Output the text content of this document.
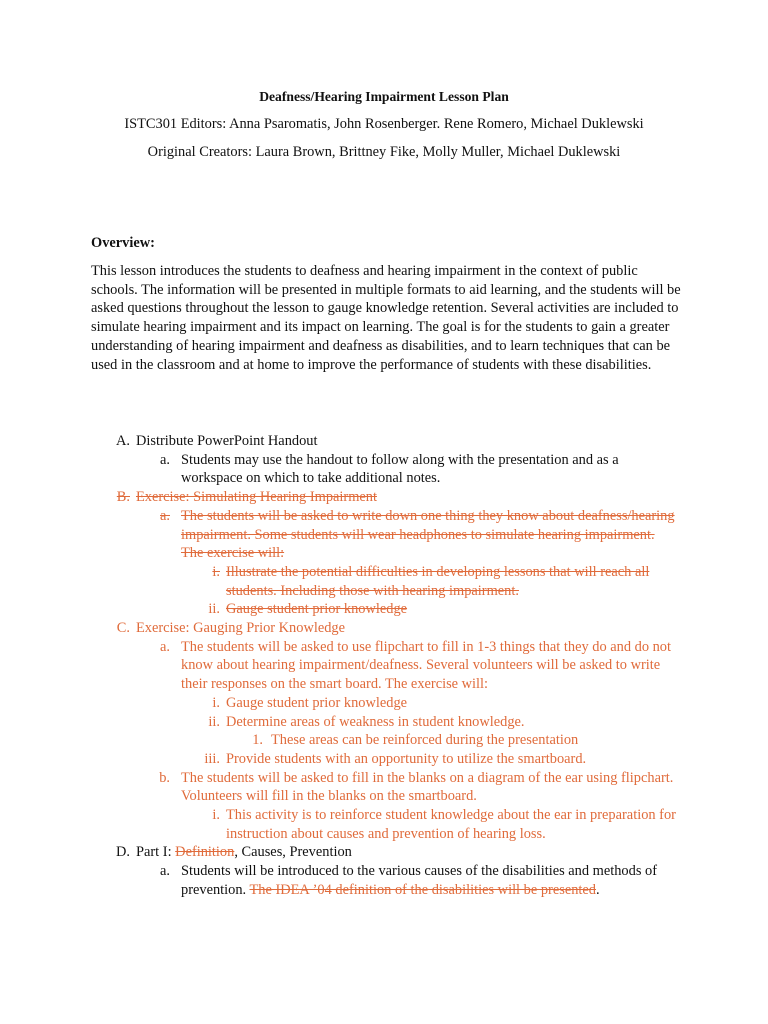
Deafness/Hearing Impairment Lesson Plan
ISTC301 Editors: Anna Psaromatis, John Rosenberger. Rene Romero, Michael Duklewski
Original Creators: Laura Brown, Brittney Fike, Molly Muller, Michael Duklewski
Overview:

This lesson introduces the students to deafness and hearing impairment in the context of public schools. The information will be presented in multiple formats to aid learning, and the students will be asked questions throughout the lesson to gauge knowledge retention. Several activities are included to simulate hearing impairment and its impact on learning. The goal is for the students to gain a greater understanding of hearing impairment and deafness as disabilities, and to learn techniques that can be used in the classroom and at home to improve the performance of students with these disabilities.

A. Distribute PowerPoint Handout
a. Students may use the handout to follow along with the presentation and as a workspace on which to take additional notes.
B. Exercise: Simulating Hearing Impairment
a. The students will be asked to write down one thing they know about deafness/hearing impairment. Some students will wear headphones to simulate hearing impairment. The exercise will:
i. Illustrate the potential difficulties in developing lessons that will reach all students. Including those with hearing impairment.
ii. Gauge student prior knowledge
C. Exercise: Gauging Prior Knowledge
a. The students will be asked to use flipchart to fill in 1-3 things that they do and do not know about hearing impairment/deafness. Several volunteers will be asked to write their responses on the smart board. The exercise will:
i. Gauge student prior knowledge
ii. Determine areas of weakness in student knowledge.
1. These areas can be reinforced during the presentation
iii. Provide students with an opportunity to utilize the smartboard.
b. The students will be asked to fill in the blanks on a diagram of the ear using flipchart. Volunteers will fill in the blanks on the smartboard.
i. This activity is to reinforce student knowledge about the ear in preparation for instruction about causes and prevention of hearing loss.
D. Part I: Definition, Causes, Prevention
a. Students will be introduced to the various causes of the disabilities and methods of prevention. The IDEA ’04 definition of the disabilities will be presented.
